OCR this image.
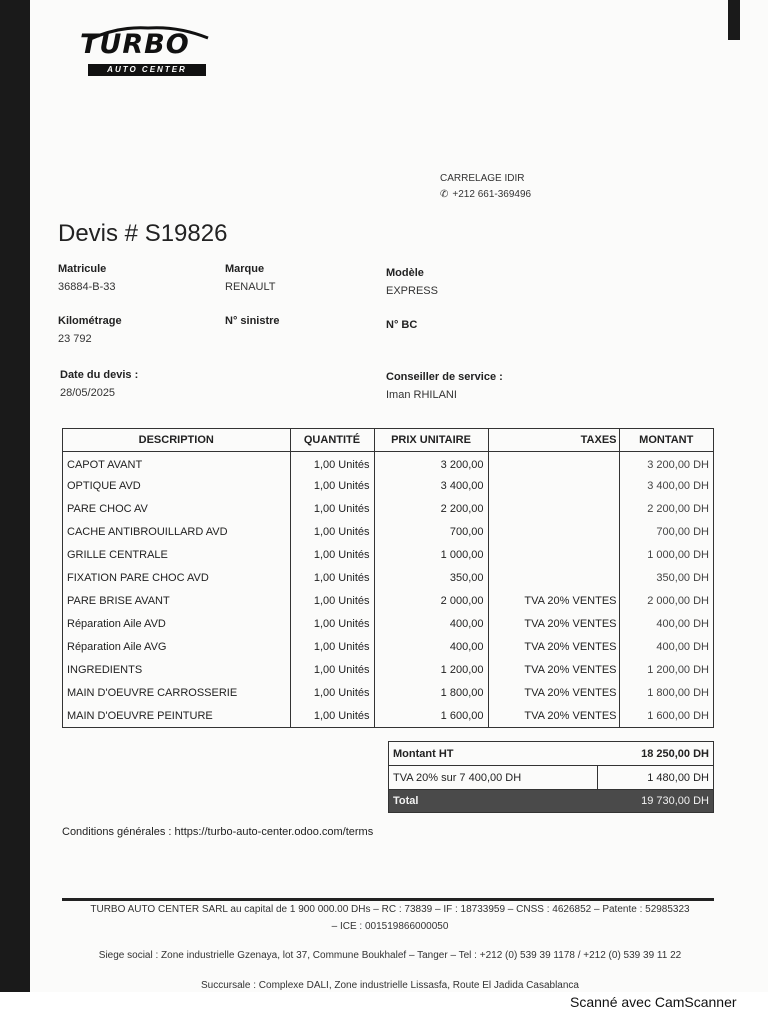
TURBO
AUTO CENTER
CARRELAGE IDIR
✆ +212 661-369496
Devis # S19826
Matricule
36884-B-33
Marque
RENAULT
Modèle
EXPRESS
Kilométrage
23 792
N° sinistre	N° BC
Date du devis :
28/05/2025
Conseiller de service :
Iman RHILANI
DESCRIPTION	QUANTITÉ	PRIX UNITAIRE	TAXES	MONTANT
CAPOT AVANT	1,00 Unités	3 200,00		3 200,00 DH
OPTIQUE AVD	1,00 Unités	3 400,00		3 400,00 DH
PARE CHOC AV	1,00 Unités	2 200,00		2 200,00 DH
CACHE ANTIBROUILLARD AVD	1,00 Unités	700,00		700,00 DH
GRILLE CENTRALE	1,00 Unités	1 000,00		1 000,00 DH
FIXATION PARE CHOC AVD	1,00 Unités	350,00		350,00 DH
PARE BRISE AVANT	1,00 Unités	2 000,00	TVA 20% VENTES	2 000,00 DH
Réparation Aile AVD	1,00 Unités	400,00	TVA 20% VENTES	400,00 DH
Réparation Aile AVG	1,00 Unités	400,00	TVA 20% VENTES	400,00 DH
INGREDIENTS	1,00 Unités	1 200,00	TVA 20% VENTES	1 200,00 DH
MAIN D'OEUVRE CARROSSERIE	1,00 Unités	1 800,00	TVA 20% VENTES	1 800,00 DH
MAIN D'OEUVRE PEINTURE	1,00 Unités	1 600,00	TVA 20% VENTES	1 600,00 DH
Montant HT	18 250,00 DH
TVA 20% sur 7 400,00 DH	1 480,00 DH
Total	19 730,00 DH
Conditions générales : https://turbo-auto-center.odoo.com/terms
TURBO AUTO CENTER SARL au capital de 1 900 000.00 DHs – RC : 73839 – IF : 18733959 – CNSS : 4626852 – Patente : 52985323
– ICE : 001519866000050
Siege social : Zone industrielle Gzenaya, lot 37, Commune Boukhalef – Tanger – Tel : +212 (0) 539 39 1178 / +212 (0) 539 39 11 22
Succursale : Complexe DALI, Zone industrielle Lissasfa, Route El Jadida Casablanca
Scanné avec CamScanner
